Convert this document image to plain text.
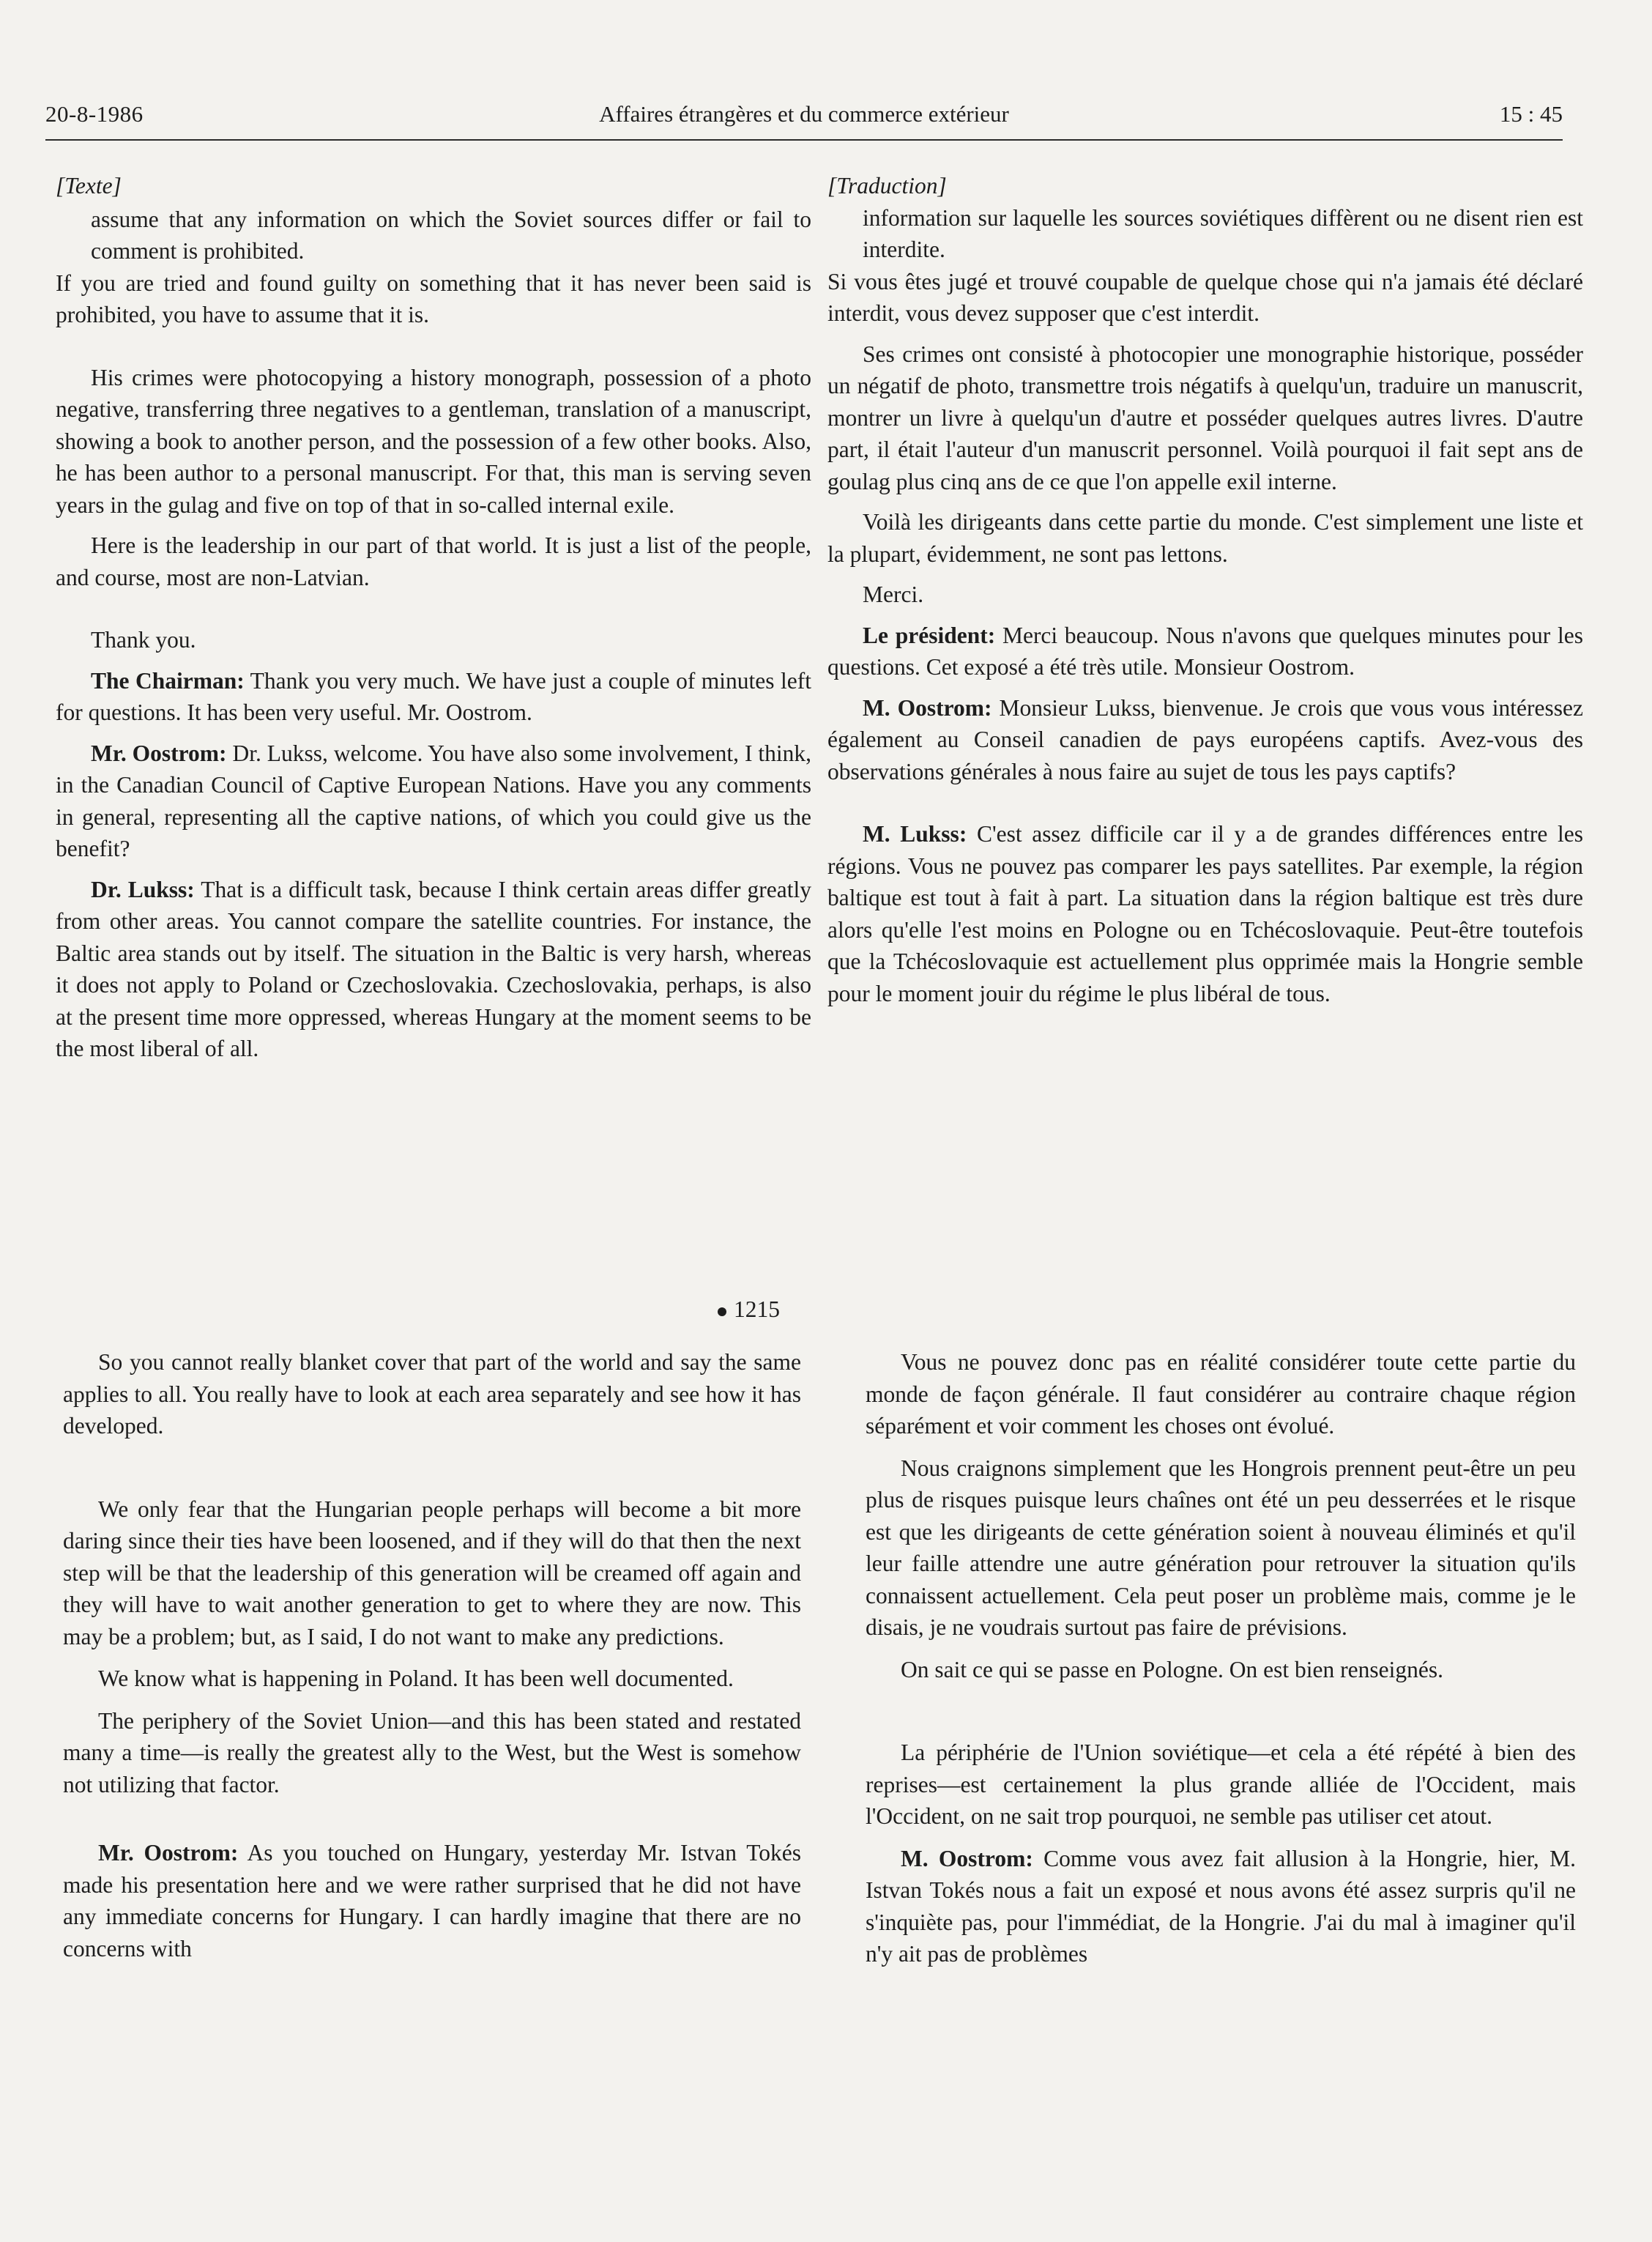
20-8-1986	Affaires étrangères et du commerce extérieur	15 : 45

[Texte]

assume that any information on which the Soviet sources differ or fail to comment is prohibited.

If you are tried and found guilty on something that it has never been said is prohibited, you have to assume that it is.

His crimes were photocopying a history monograph, possession of a photo negative, transferring three negatives to a gentleman, translation of a manuscript, showing a book to another person, and the possession of a few other books. Also, he has been author to a personal manuscript. For that, this man is serving seven years in the gulag and five on top of that in so-called internal exile.

Here is the leadership in our part of that world. It is just a list of the people, and course, most are non-Latvian.

Thank you.

The Chairman: Thank you very much. We have just a couple of minutes left for questions. It has been very useful. Mr. Oostrom.

Mr. Oostrom: Dr. Lukss, welcome. You have also some involvement, I think, in the Canadian Council of Captive European Nations. Have you any comments in general, representing all the captive nations, of which you could give us the benefit?

Dr. Lukss: That is a difficult task, because I think certain areas differ greatly from other areas. You cannot compare the satellite countries. For instance, the Baltic area stands out by itself. The situation in the Baltic is very harsh, whereas it does not apply to Poland or Czechoslovakia. Czechoslovakia, perhaps, is also at the present time more oppressed, whereas Hungary at the moment seems to be the most liberal of all.

[Traduction]

information sur laquelle les sources soviétiques diffèrent ou ne disent rien est interdite.

Si vous êtes jugé et trouvé coupable de quelque chose qui n'a jamais été déclaré interdit, vous devez supposer que c'est interdit.

Ses crimes ont consisté à photocopier une monographie historique, posséder un négatif de photo, transmettre trois négatifs à quelqu'un, traduire un manuscrit, montrer un livre à quelqu'un d'autre et posséder quelques autres livres. D'autre part, il était l'auteur d'un manuscrit personnel. Voilà pourquoi il fait sept ans de goulag plus cinq ans de ce que l'on appelle exil interne.

Voilà les dirigeants dans cette partie du monde. C'est simplement une liste et la plupart, évidemment, ne sont pas lettons.

Merci.

Le président: Merci beaucoup. Nous n'avons que quelques minutes pour les questions. Cet exposé a été très utile. Monsieur Oostrom.

M. Oostrom: Monsieur Lukss, bienvenue. Je crois que vous vous intéressez également au Conseil canadien de pays européens captifs. Avez-vous des observations générales à nous faire au sujet de tous les pays captifs?

M. Lukss: C'est assez difficile car il y a de grandes différences entre les régions. Vous ne pouvez pas comparer les pays satellites. Par exemple, la région baltique est tout à fait à part. La situation dans la région baltique est très dure alors qu'elle l'est moins en Pologne ou en Tchécoslovaquie. Peut-être toutefois que la Tchécoslovaquie est actuellement plus opprimée mais la Hongrie semble pour le moment jouir du régime le plus libéral de tous.

1215

So you cannot really blanket cover that part of the world and say the same applies to all. You really have to look at each area separately and see how it has developed.

We only fear that the Hungarian people perhaps will become a bit more daring since their ties have been loosened, and if they will do that then the next step will be that the leadership of this generation will be creamed off again and they will have to wait another generation to get to where they are now. This may be a problem; but, as I said, I do not want to make any predictions.

We know what is happening in Poland. It has been well documented.

The periphery of the Soviet Union—and this has been stated and restated many a time—is really the greatest ally to the West, but the West is somehow not utilizing that factor.

Mr. Oostrom: As you touched on Hungary, yesterday Mr. Istvan Tokés made his presentation here and we were rather surprised that he did not have any immediate concerns for Hungary. I can hardly imagine that there are no concerns with

Vous ne pouvez donc pas en réalité considérer toute cette partie du monde de façon générale. Il faut considérer au contraire chaque région séparément et voir comment les choses ont évolué.

Nous craignons simplement que les Hongrois prennent peut-être un peu plus de risques puisque leurs chaînes ont été un peu desserrées et le risque est que les dirigeants de cette génération soient à nouveau éliminés et qu'il leur faille attendre une autre génération pour retrouver la situation qu'ils connaissent actuellement. Cela peut poser un problème mais, comme je le disais, je ne voudrais surtout pas faire de prévisions.

On sait ce qui se passe en Pologne. On est bien renseignés.

La périphérie de l'Union soviétique—et cela a été répété à bien des reprises—est certainement la plus grande alliée de l'Occident, mais l'Occident, on ne sait trop pourquoi, ne semble pas utiliser cet atout.

M. Oostrom: Comme vous avez fait allusion à la Hongrie, hier, M. Istvan Tokés nous a fait un exposé et nous avons été assez surpris qu'il ne s'inquiète pas, pour l'immédiat, de la Hongrie. J'ai du mal à imaginer qu'il n'y ait pas de problèmes
